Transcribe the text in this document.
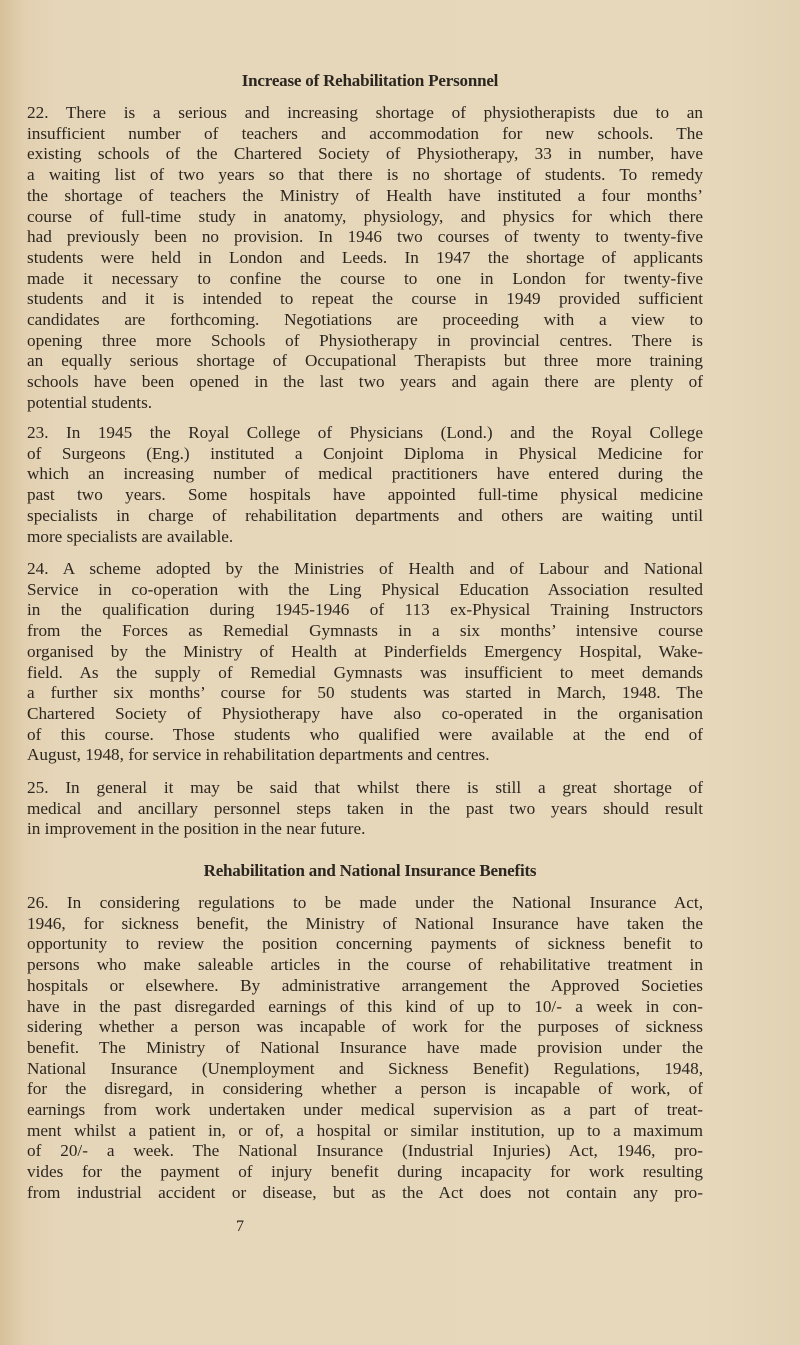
Increase of Rehabilitation Personnel
22. There is a serious and increasing shortage of physiotherapists due to an
insufficient number of teachers and accommodation for new schools. The
existing schools of the Chartered Society of Physiotherapy, 33 in number, have
a waiting list of two years so that there is no shortage of students. To remedy
the shortage of teachers the Ministry of Health have instituted a four months’
course of full-time study in anatomy, physiology, and physics for which there
had previously been no provision. In 1946 two courses of twenty to twenty-five
students were held in London and Leeds. In 1947 the shortage of applicants
made it necessary to confine the course to one in London for twenty-five
students and it is intended to repeat the course in 1949 provided sufficient
candidates are forthcoming. Negotiations are proceeding with a view to
opening three more Schools of Physiotherapy in provincial centres. There is
an equally serious shortage of Occupational Therapists but three more training
schools have been opened in the last two years and again there are plenty of
potential students.
23. In 1945 the Royal College of Physicians (Lond.) and the Royal College
of Surgeons (Eng.) instituted a Conjoint Diploma in Physical Medicine for
which an increasing number of medical practitioners have entered during the
past two years. Some hospitals have appointed full-time physical medicine
specialists in charge of rehabilitation departments and others are waiting until
more specialists are available.
24. A scheme adopted by the Ministries of Health and of Labour and National
Service in co-operation with the Ling Physical Education Association resulted
in the qualification during 1945-1946 of 113 ex-Physical Training Instructors
from the Forces as Remedial Gymnasts in a six months’ intensive course
organised by the Ministry of Health at Pinderfields Emergency Hospital, Wake-
field. As the supply of Remedial Gymnasts was insufficient to meet demands
a further six months’ course for 50 students was started in March, 1948. The
Chartered Society of Physiotherapy have also co-operated in the organisation
of this course. Those students who qualified were available at the end of
August, 1948, for service in rehabilitation departments and centres.
25. In general it may be said that whilst there is still a great shortage of
medical and ancillary personnel steps taken in the past two years should result
in improvement in the position in the near future.
Rehabilitation and National Insurance Benefits
26. In considering regulations to be made under the National Insurance Act,
1946, for sickness benefit, the Ministry of National Insurance have taken the
opportunity to review the position concerning payments of sickness benefit to
persons who make saleable articles in the course of rehabilitative treatment in
hospitals or elsewhere. By administrative arrangement the Approved Societies
have in the past disregarded earnings of this kind of up to 10/- a week in con-
sidering whether a person was incapable of work for the purposes of sickness
benefit. The Ministry of National Insurance have made provision under the
National Insurance (Unemployment and Sickness Benefit) Regulations, 1948,
for the disregard, in considering whether a person is incapable of work, of
earnings from work undertaken under medical supervision as a part of treat-
ment whilst a patient in, or of, a hospital or similar institution, up to a maximum
of 20/- a week. The National Insurance (Industrial Injuries) Act, 1946, pro-
vides for the payment of injury benefit during incapacity for work resulting
from industrial accident or disease, but as the Act does not contain any pro-
7
